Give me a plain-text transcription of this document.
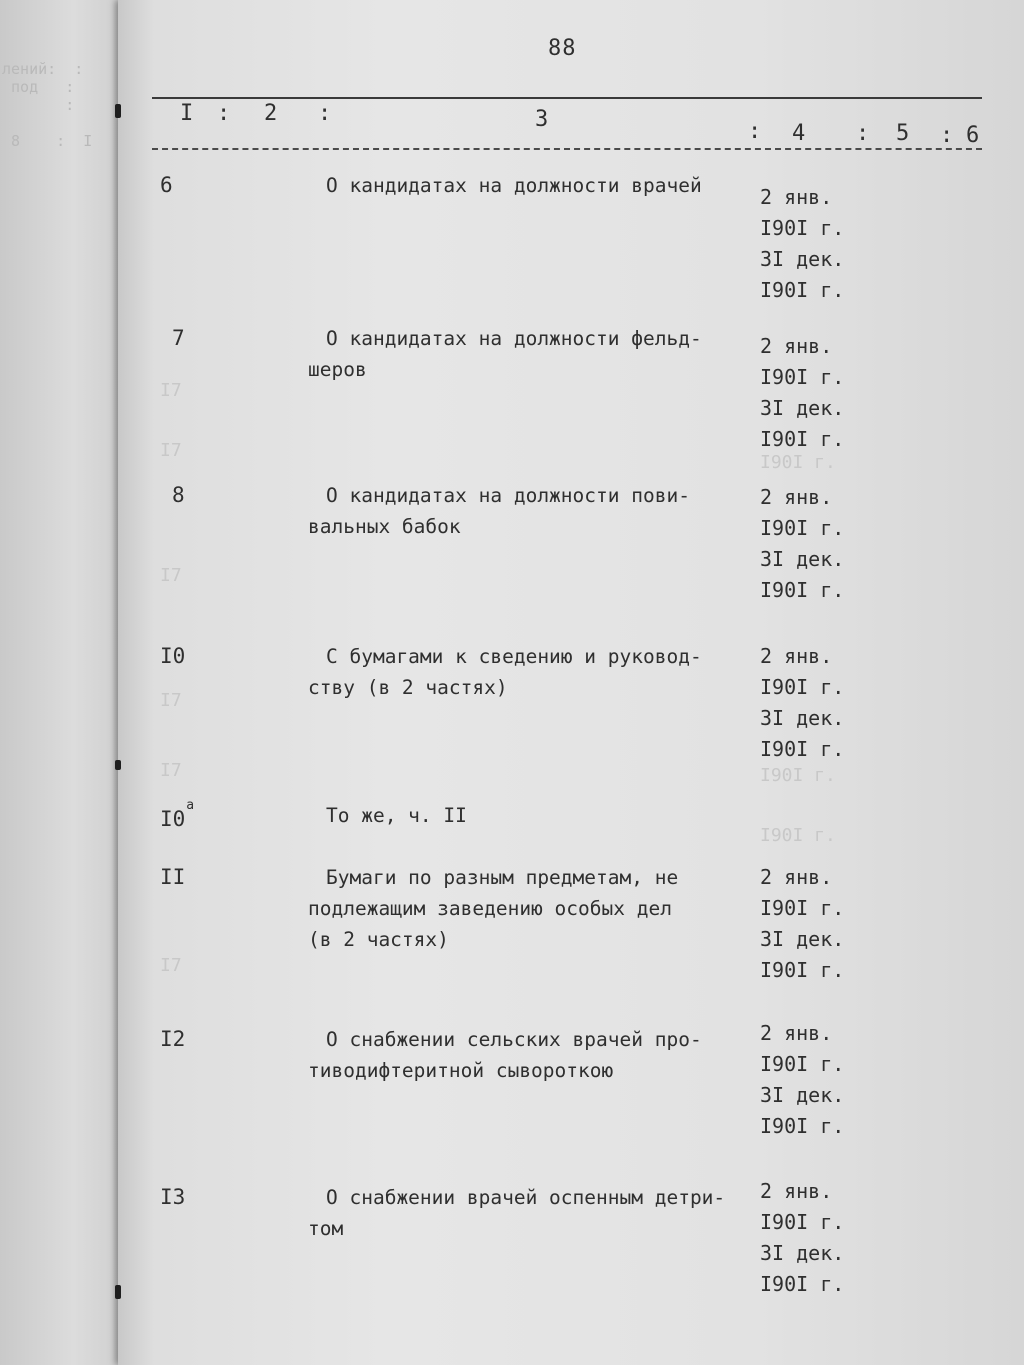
лений:  :
под   :
:

8    :  I
I7
I7
I7
I7
I7
I7
I90I г.
I90I г.
I90I г.
88
I : 2 :	3	: 4 : 5 : 6
6	О кандидатах на должности врачей	2 янв.
I90I г.
3I дек.
I90I г.
7	О кандидатах на должности фельд-
шеров
2 янв.
I90I г.
3I дек.
I90I г.
8	О кандидатах на должности пови-
вальных бабок
2 янв.
I90I г.
3I дек.
I90I г.
I0	С бумагами к сведению и руковод-
ству (в 2 частях)
2 янв.
I90I г.
3I дек.
I90I г.
$I0^а$	То же, ч. II
II	Бумаги по разным предметам, не
подлежащим заведению особых дел
(в 2 частях)
2 янв.
I90I г.
3I дек.
I90I г.
I2	О снабжении сельских врачей про-
тиводифтеритной сывороткою
2 янв.
I90I г.
3I дек.
I90I г.
I3	О снабжении врачей оспенным детри-
том
2 янв.
I90I г.
3I дек.
I90I г.
